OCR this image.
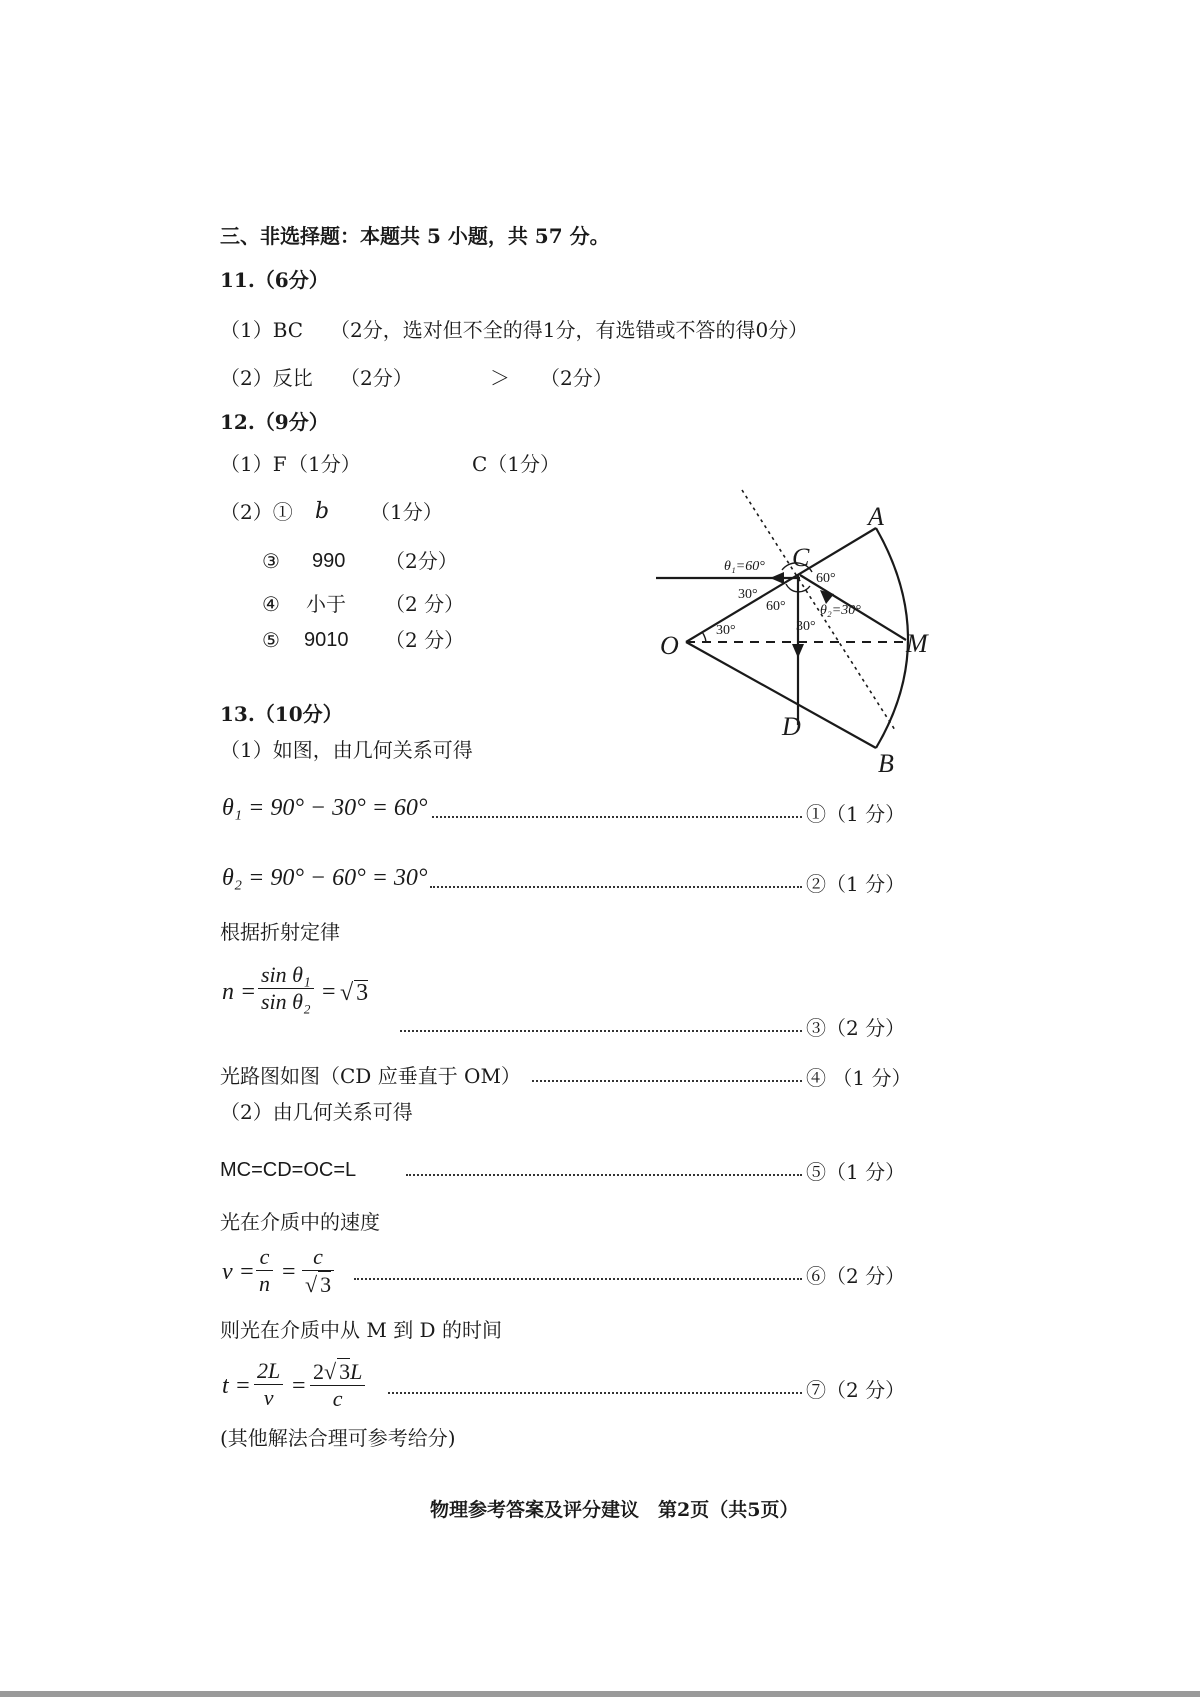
三、非选择题：本题共 5 小题，共 57 分。
11.（6分）
（1）BC （2分，选对但不全的得1分，有选错或不答的得0分）
（2）反比 （2分）	＞ （2分）
12.（9分）
（1）F （1分）	C（1分）
（2）① b （1分）
③ 990 （2分）
④ 小于 （2 分）
⑤ 9010 （2 分）
A
B
C
D
O	M
θ₁=60°
θ₂=30°
30°
60°
60°
30°
30°
13.（10分）
（1）如图，由几何关系可得
θ₁ = 90° − 30° = 60°	①（1 分）
θ₂ = 90° − 60° = 30°	②（1 分）
根据折射定律
n =
sin θ₁
sin θ₂ = √ 3
③（2 分）
光路图如图（CD 应垂直于 OM）	④ （1 分）
（2）由几何关系可得
MC=CD=OC=L	⑤（1 分）
光在介质中的速度
v =
c
n =
c
√ 3	⑥（2 分）
则光在介质中从 M 到 D 的时间
t =
2L
v =
2√ 3L
c	⑦（2 分）
(其他解法合理可参考给分)
物理参考答案及评分建议　第2页（共5页）
